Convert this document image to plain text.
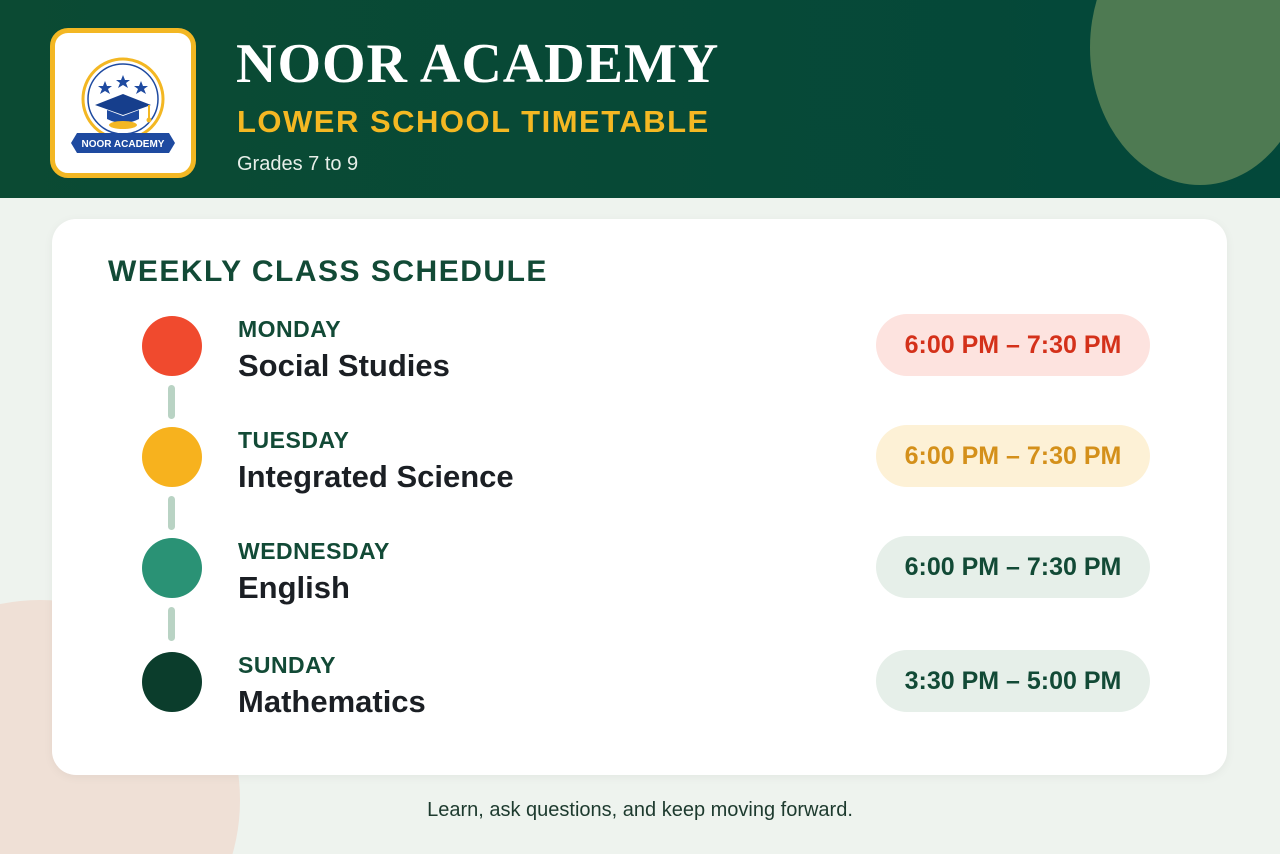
NOOR ACADEMY
NOOR ACADEMY
LOWER SCHOOL TIMETABLE
Grades 7 to 9
WEEKLY CLASS SCHEDULE
MONDAY
Social Studies
6:00 PM – 7:30 PM
TUESDAY
Integrated Science
6:00 PM – 7:30 PM
WEDNESDAY
English
6:00 PM – 7:30 PM
SUNDAY
Mathematics
3:30 PM – 5:00 PM
Learn, ask questions, and keep moving forward.
